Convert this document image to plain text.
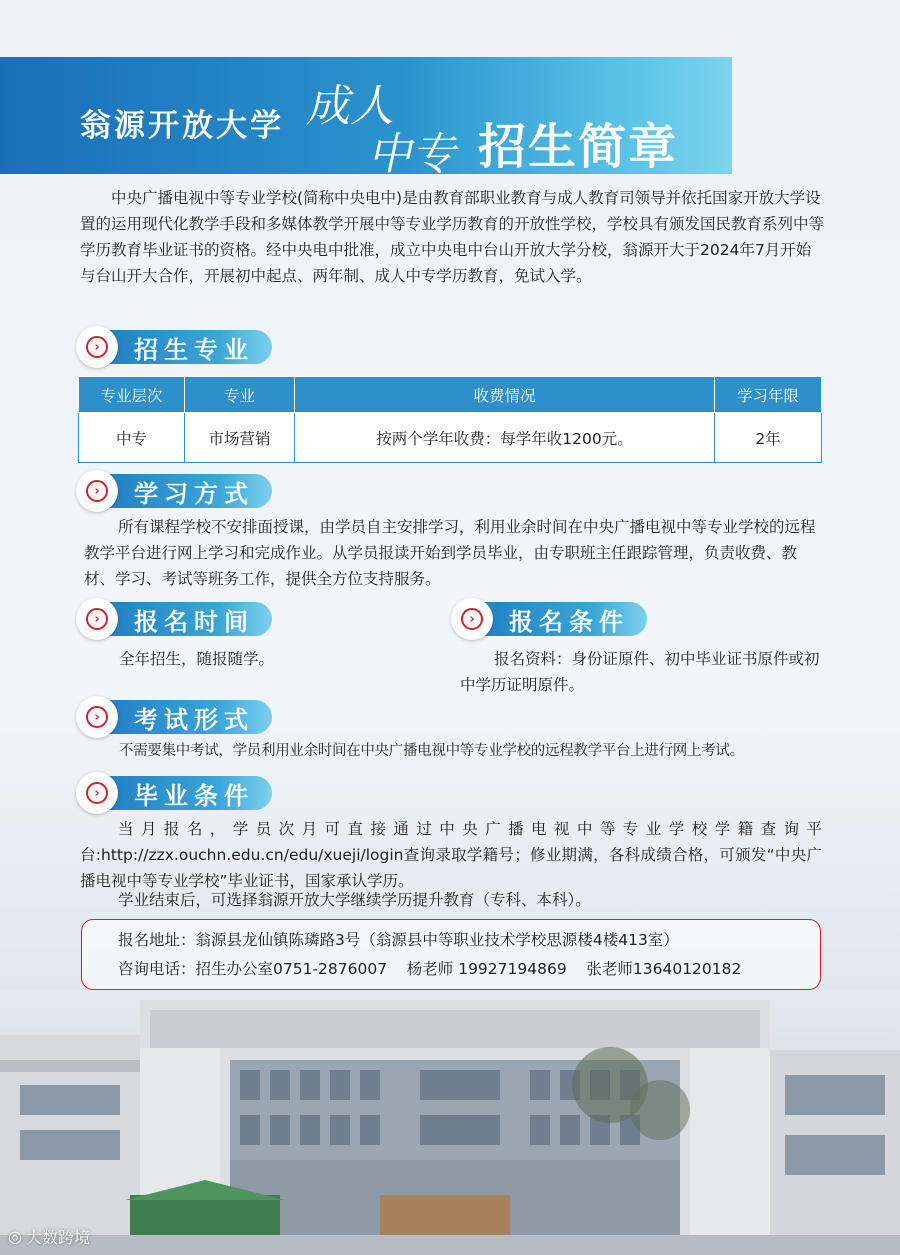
翁源开放大学 成人
中专 招生简章

中央广播电视中等专业学校(简称中央电中)是由教育部职业教育与成人教育司领导并依托国家开放大学设置的运用现代化教学手段和多媒体教学开展中等专业学历教育的开放性学校，学校具有颁发国民教育系列中等学历教育毕业证书的资格。经中央电中批准，成立中央电中台山开放大学分校，翁源开大于2024年7月开始与台山开大合作，开展初中起点、两年制、成人中专学历教育，免试入学。

›	招生专业
专业层次	专业	收费情况	学习年限
中专	市场营销	按两个学年收费：每学年收1200元。	2年
›	学习方式

所有课程学校不安排面授课，由学员自主安排学习，利用业余时间在中央广播电视中等专业学校的远程教学平台进行网上学习和完成作业。从学员报读开始到学员毕业，由专职班主任跟踪管理，负责收费、教材、学习、考试等班务工作，提供全方位支持服务。

›	报名时间

全年招生，随报随学。

›	报名条件

报名资料：身份证原件、初中毕业证书原件或初中学历证明原件。

›	考试形式

不需要集中考试，学员利用业余时间在中央广播电视中等专业学校的远程教学平台上进行网上考试。

›	毕业条件

当月报名，学员次月可直接通过中央广播电视中等专业学校学籍查询平台:http://zzx.ouchn.edu.cn/edu/xueji/login查询录取学籍号；修业期满，各科成绩合格，可颁发“中央广播电视中等专业学校”毕业证书，国家承认学历。

学业结束后，可选择翁源开放大学继续学历提升教育（专科、本科）。

报名地址：翁源县龙仙镇陈璘路3号（翁源县中等职业技术学校思源楼4楼413室）
咨询电话：招生办公室0751-2876007    杨老师 19927194869    张老师13640120182
◎ 大数跨境
